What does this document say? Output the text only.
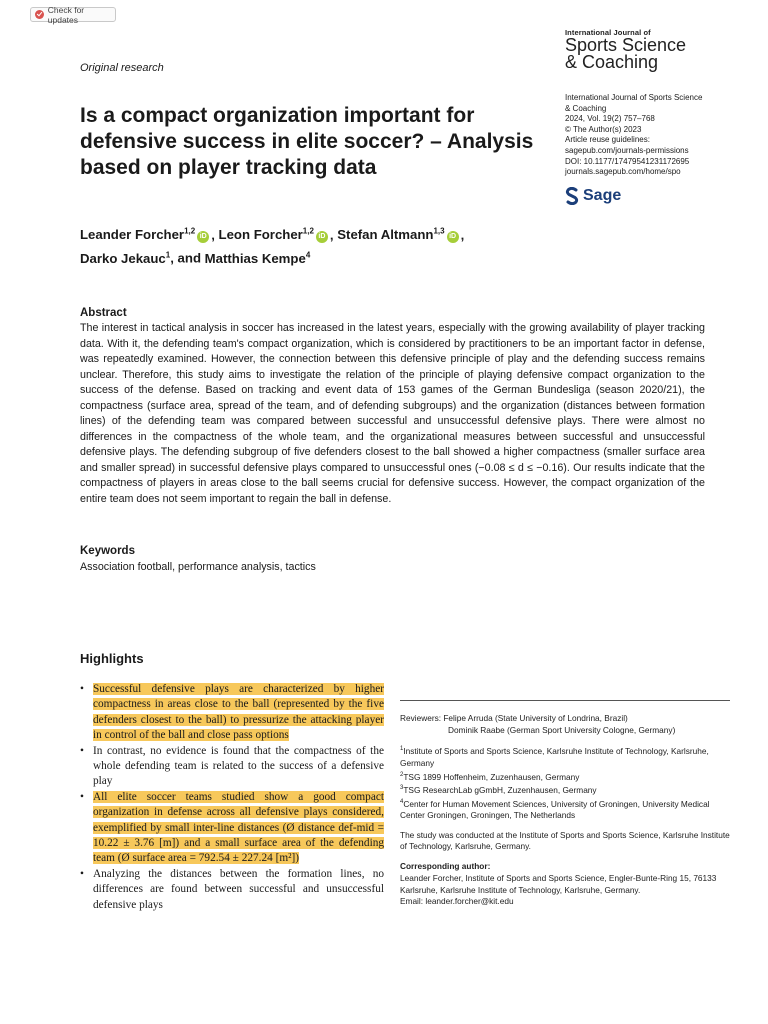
Check for updates
International Journal of
Sports Science
& Coaching
Original research
Is a compact organization important for defensive success in elite soccer? – Analysis based on player tracking data
International Journal of Sports Science
& Coaching
2024, Vol. 19(2) 757–768
© The Author(s) 2023
Article reuse guidelines:
sagepub.com/journals-permissions
DOI: 10.1177/17479541231172695
journals.sagepub.com/home/spo
Sage
Leander Forcher$^{1,2}$iD , Leon Forcher$^{1,2}$iD , Stefan Altmann$^{1,3}$iD ,
Darko Jekauc$^1$, and Matthias Kempe$^4$
Abstract
The interest in tactical analysis in soccer has increased in the latest years, especially with the growing availability of player tracking data. With it, the defending team's compact organization, which is considered by practitioners to be an important factor in defense, was repeatedly examined. However, the connection between this defensive principle of play and the defending success remains unclear. Therefore, this study aims to investigate the relation of the principle of playing defensive compact organization to the success of the defense. Based on tracking and event data of 153 games of the German Bundesliga (season 2020/21), the compactness (surface area, spread of the team, and of defending subgroups) and the organization (distances between formation lines) of the defending team was compared between successful and unsuccessful defensive plays. There were almost no differences in the compactness of the whole team, and the organizational measures between successful and unsuccessful defensive plays. The defending subgroup of five defenders closest to the ball showed a higher compactness (smaller surface area and smaller spread) in successful defensive plays compared to unsuccessful ones (−0.08 ≤ d ≤ −0.16). Our results indicate that the compactness of players in areas close to the ball seems crucial for defensive success. However, the compact organization of the entire team does not seem important to regain the ball in defense.
Keywords
Association football, performance analysis, tactics
Highlights
• Successful defensive plays are characterized by higher compactness in areas close to the ball (represented by the five defenders closest to the ball) to pressurize the attacking player in control of the ball and close pass options
• In contrast, no evidence is found that the compactness of the whole defending team is related to the success of a defensive play
• All elite soccer teams studied show a good compact organization in defense across all defensive plays considered, exemplified by small inter-line distances (Ø distance def-mid = 10.22 ± 3.76 [m]) and a small surface area of the defending team (Ø surface area = 792.54 ± 227.24 [m²])
• Analyzing the distances between the formation lines, no differences are found between successful and unsuccessful defensive plays

Reviewers: Felipe Arruda (State University of Londrina, Brazil)
Dominik Raabe (German Sport University Cologne, Germany)

$^1$Institute of Sports and Sports Science, Karlsruhe Institute of Technology, Karlsruhe, Germany
$^2$TSG 1899 Hoffenheim, Zuzenhausen, Germany
$^3$TSG ResearchLab gGmbH, Zuzenhausen, Germany
$^4$Center for Human Movement Sciences, University of Groningen, University Medical Center Groningen, Groningen, The Netherlands

The study was conducted at the Institute of Sports and Sports Science, Karlsruhe Institute of Technology, Karlsruhe, Germany.

Corresponding author:
Leander Forcher, Institute of Sports and Sports Science, Engler-Bunte-Ring 15, 76133 Karlsruhe, Karlsruhe Institute of Technology, Karlsruhe, Germany.
Email: leander.forcher@kit.edu
